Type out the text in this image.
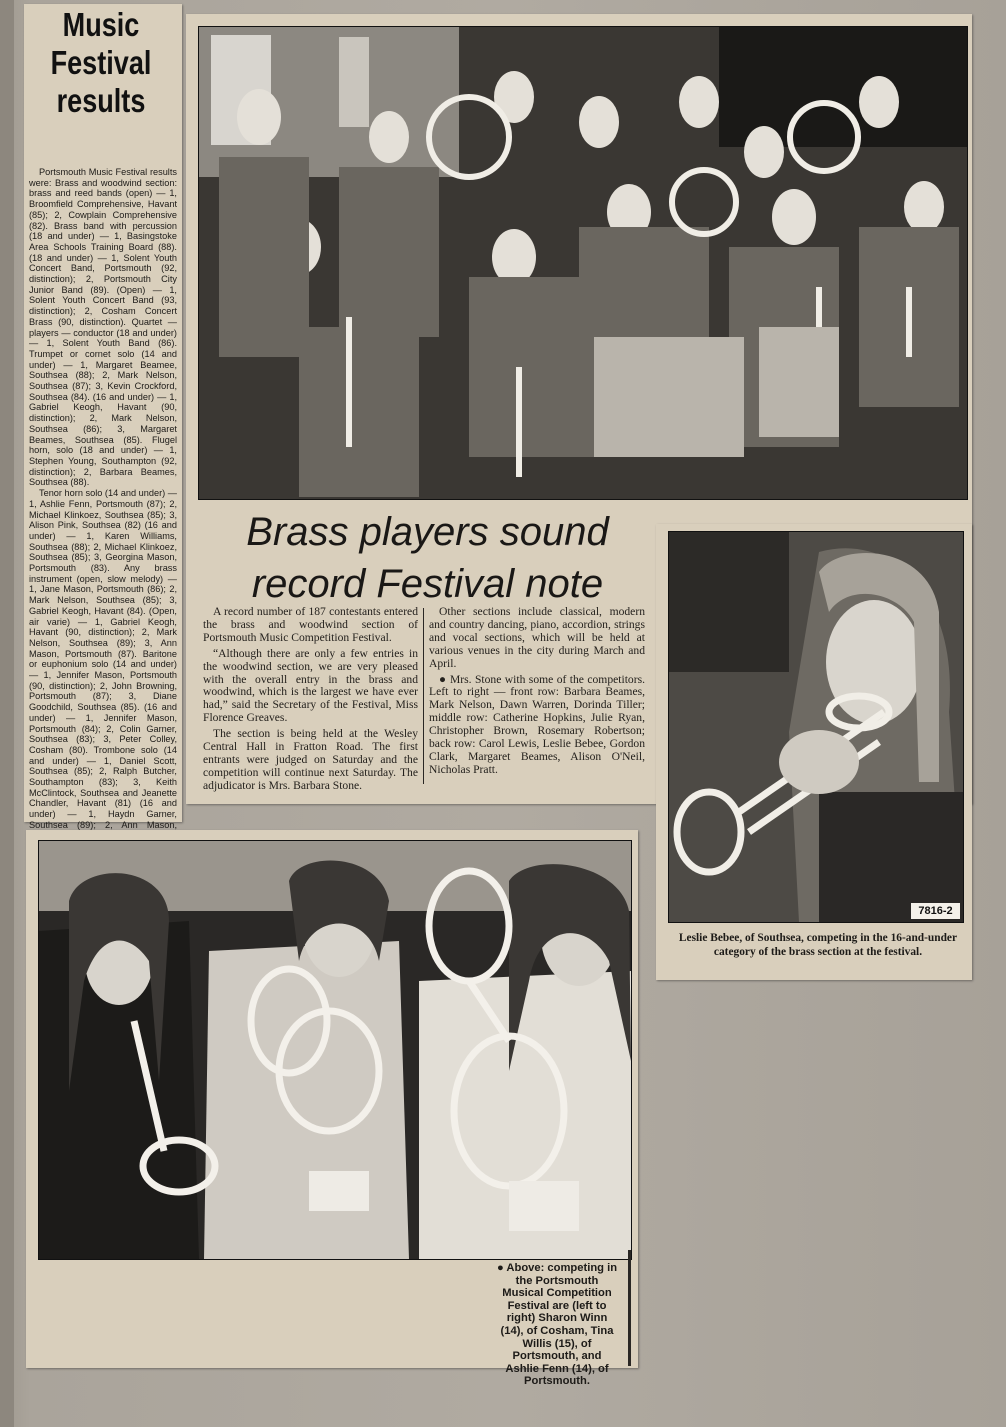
Music
Festival
results

Portsmouth Music Festival results were: Brass and woodwind section: brass and reed bands (open) — 1, Broomfield Comprehensive, Havant (85); 2, Cowplain Comprehensive (82). Brass band with percussion (18 and under) — 1, Basingstoke Area Schools Training Board (88). (18 and under) — 1, Solent Youth Concert Band, Portsmouth (92, distinction); 2, Portsmouth City Junior Band (89). (Open) — 1, Solent Youth Concert Band (93, distinction); 2, Cosham Concert Brass (90, distinction). Quartet — players — conductor (18 and under) — 1, Solent Youth Band (86). Trumpet or cornet solo (14 and under) — 1, Margaret Beamee, Southsea (88); 2, Mark Nelson, Southsea (87); 3, Kevin Crockford, Southsea (84). (16 and under) — 1, Gabriel Keogh, Havant (90, distinction); 2, Mark Nelson, Southsea (86); 3, Margaret Beames, Southsea (85). Flugel horn, solo (18 and under) — 1, Stephen Young, Southampton (92, distinction); 2, Barbara Beames, Southsea (88).

Tenor horn solo (14 and under) — 1, Ashlie Fenn, Portsmouth (87); 2, Michael Klinkoez, Southsea (85); 3, Alison Pink, Southsea (82) (16 and under) — 1, Karen Williams, Southsea (88); 2, Michael Klinkoez, Southsea (85); 3, Georgina Mason, Portsmouth (83). Any brass instrument (open, slow melody) — 1, Jane Mason, Portsmouth (86); 2, Mark Nelson, Southsea (85); 3, Gabriel Keogh, Havant (84). (Open, air varie) — 1, Gabriel Keogh, Havant (90, distinction); 2, Mark Nelson, Southsea (89); 3, Ann Mason, Portsmouth (87). Baritone or euphonium solo (14 and under) — 1, Jennifer Mason, Portsmouth (90, distinction); 2, John Browning, Portsmouth (87); 3, Diane Goodchild, Southsea (85). (16 and under) — 1, Jennifer Mason, Portsmouth (84); 2, Colin Garner, Southsea (83); 3, Peter Colley, Cosham (80). Trombone solo (14 and under) — 1, Daniel Scott, Southsea (85); 2, Ralph Butcher, Southampton (83); 3, Keith McClintock, Southsea and Jeanette Chandler, Havant (81) (16 and under) — 1, Haydn Garner, Southsea (89); 2, Ann Mason,

Brass players sound
record Festival note

A record number of 187 contestants entered the brass and woodwind section of Portsmouth Music Competition Festival.

“Although there are only a few entries in the woodwind section, we are very pleased with the overall entry in the brass and woodwind, which is the largest we have ever had,” said the Secretary of the Festival, Miss Florence Greaves.

The section is being held at the Wesley Central Hall in Fratton Road. The first entrants were judged on Saturday and the competition will continue next Saturday. The adjudicator is Mrs. Barbara Stone.

Other sections include classical, modern and country dancing, piano, accordion, strings and vocal sections, which will be held at various venues in the city during March and April.

● Mrs. Stone with some of the competitors. Left to right — front row: Barbara Beames, Mark Nelson, Dawn Warren, Dorinda Tiller; middle row: Catherine Hopkins, Julie Ryan, Christopher Brown, Rosemary Robertson; back row: Carol Lewis, Leslie Bebee, Gordon Clark, Margaret Beames, Alison O'Neil, Nicholas Pratt.

7816-2
Leslie Bebee, of Southsea, competing in the 16-and-under category of the brass section at the festival.
● Above: competing in the Portsmouth Musical Competition Festival are (left to right) Sharon Winn (14), of Cosham, Tina Willis (15), of Portsmouth, and Ashlie Fenn (14), of Portsmouth.
